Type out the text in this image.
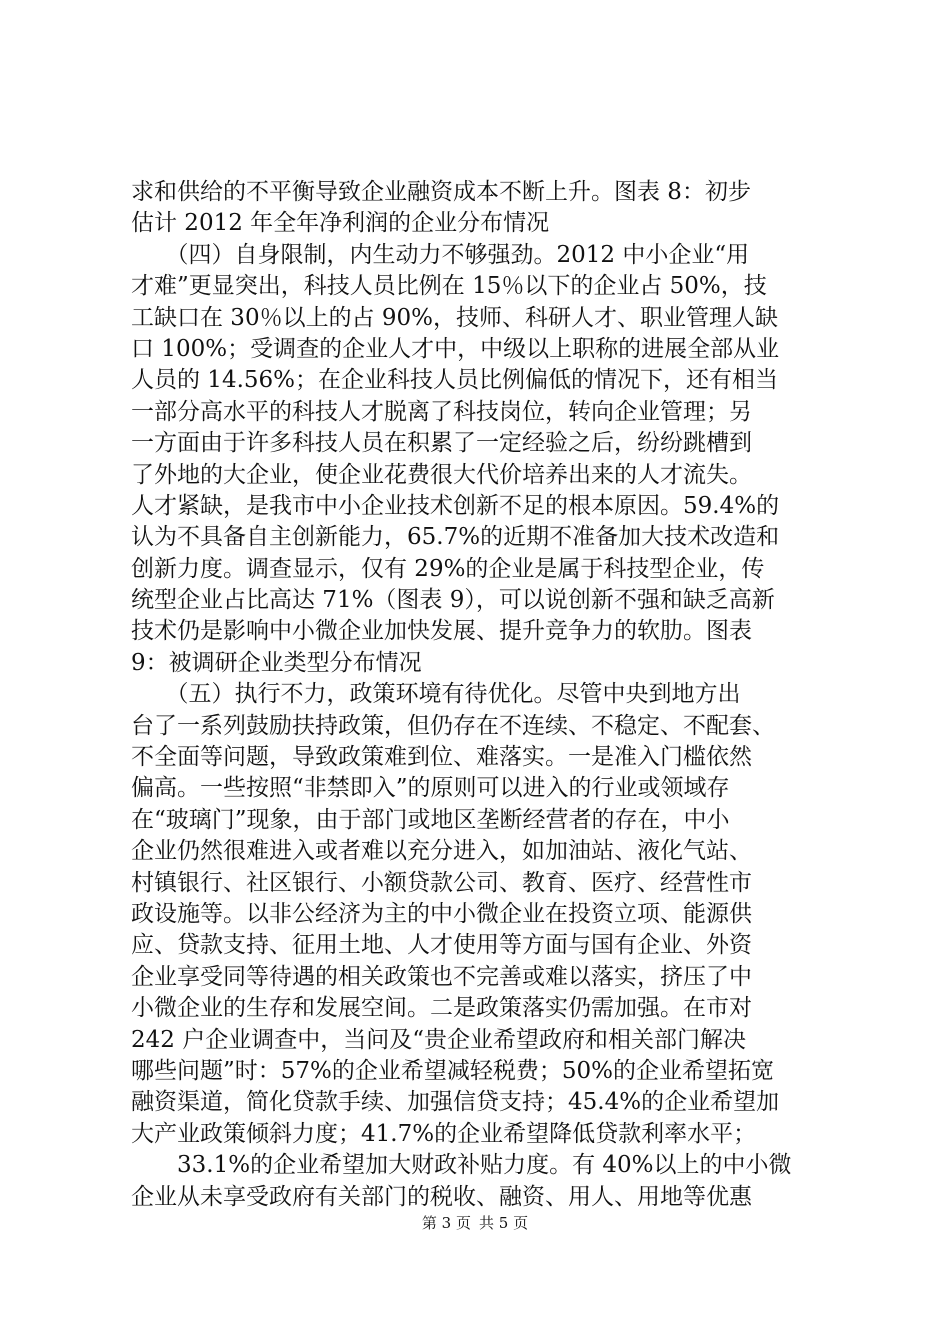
求和供给的不平衡导致企业融资成本不断上升。图表 8：初步
估计 2012 年全年净利润的企业分布情况
　　（四）自身限制，内生动力不够强劲。2012 中小企业“用
才难”更显突出，科技人员比例在 15％以下的企业占 50%，技
工缺口在 30％以上的占 90%，技师、科研人才、职业管理人缺
口 100%；受调查的企业人才中，中级以上职称的进展全部从业
人员的 14.56%；在企业科技人员比例偏低的情况下，还有相当
一部分高水平的科技人才脱离了科技岗位，转向企业管理；另
一方面由于许多科技人员在积累了一定经验之后，纷纷跳槽到
了外地的大企业，使企业花费很大代价培养出来的人才流失。
人才紧缺，是我市中小企业技术创新不足的根本原因。59.4%的
认为不具备自主创新能力，65.7%的近期不准备加大技术改造和
创新力度。调查显示，仅有 29%的企业是属于科技型企业，传
统型企业占比高达 71%（图表 9），可以说创新不强和缺乏高新
技术仍是影响中小微企业加快发展、提升竞争力的软肋。图表
9：被调研企业类型分布情况
　　（五）执行不力，政策环境有待优化。尽管中央到地方出
台了一系列鼓励扶持政策，但仍存在不连续、不稳定、不配套、
不全面等问题，导致政策难到位、难落实。一是准入门槛依然
偏高。一些按照“非禁即入”的原则可以进入的行业或领域存
在“玻璃门”现象，由于部门或地区垄断经营者的存在，中小
企业仍然很难进入或者难以充分进入，如加油站、液化气站、
村镇银行、社区银行、小额贷款公司、教育、医疗、经营性市
政设施等。以非公经济为主的中小微企业在投资立项、能源供
应、贷款支持、征用土地、人才使用等方面与国有企业、外资
企业享受同等待遇的相关政策也不完善或难以落实，挤压了中
小微企业的生存和发展空间。二是政策落实仍需加强。在市对
242 户企业调查中，当问及“贵企业希望政府和相关部门解决
哪些问题”时：57%的企业希望减轻税费；50%的企业希望拓宽
融资渠道，简化贷款手续、加强信贷支持；45.4%的企业希望加
大产业政策倾斜力度；41.7%的企业希望降低贷款利率水平；
　　33.1%的企业希望加大财政补贴力度。有 40%以上的中小微
企业从未享受政府有关部门的税收、融资、用人、用地等优惠
第 3 页 共 5 页
